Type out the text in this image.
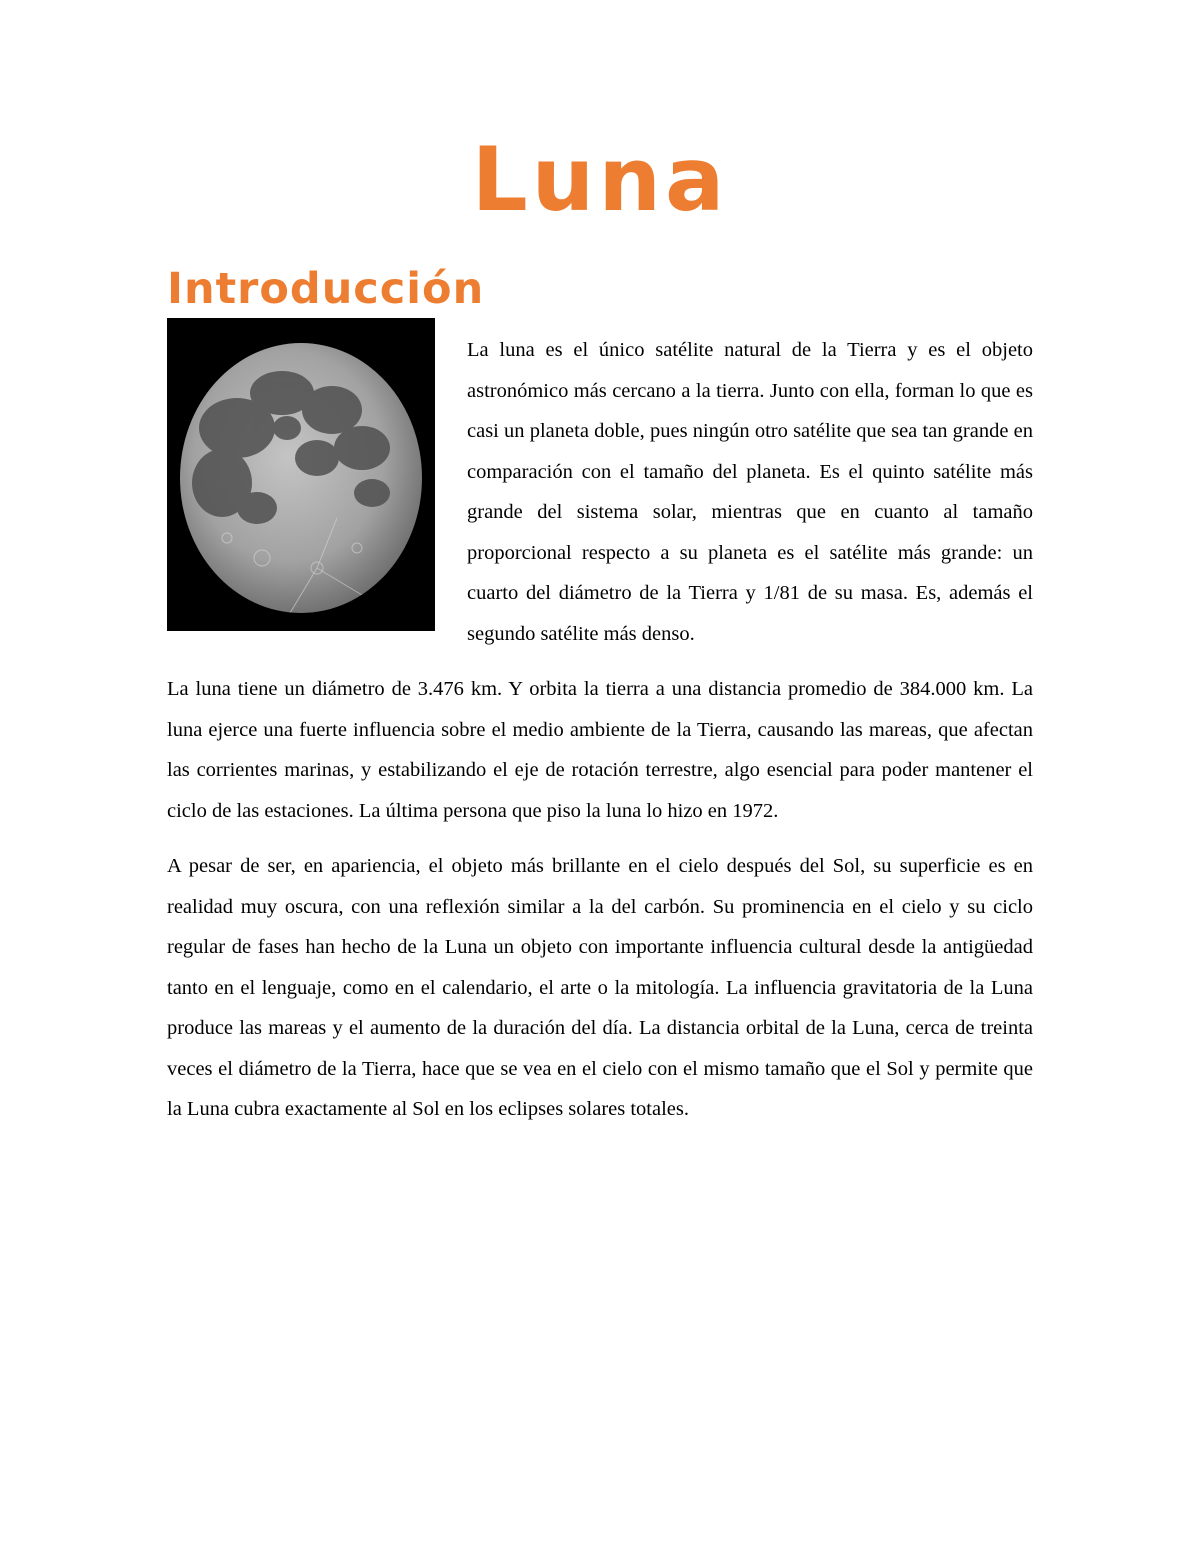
Luna
Introducción

La luna es el único satélite natural de la Tierra y es el objeto astronómico más cercano a la tierra. Junto con ella, forman lo que es casi un planeta doble, pues ningún otro satélite que sea tan grande en comparación con el tamaño del planeta. Es el quinto satélite más grande del sistema solar, mientras que en cuanto al tamaño proporcional respecto a su planeta es el satélite más grande: un cuarto del diámetro de la Tierra y 1/81 de su masa. Es, además el segundo satélite más denso.

La luna tiene un diámetro de 3.476 km. Y orbita la tierra a una distancia promedio de 384.000 km. La luna ejerce una fuerte influencia sobre el medio ambiente de la Tierra, causando las mareas, que afectan las corrientes marinas, y estabilizando el eje de rotación terrestre, algo esencial para poder mantener el ciclo de las estaciones. La última persona que piso la luna lo hizo en 1972.

A pesar de ser, en apariencia, el objeto más brillante en el cielo después del Sol, su superficie es en realidad muy oscura, con una reflexión similar a la del carbón. Su prominencia en el cielo y su ciclo regular de fases han hecho de la Luna un objeto con importante influencia cultural desde la antigüedad tanto en el lenguaje, como en el calendario, el arte o la mitología. La influencia gravitatoria de la Luna produce las mareas y el aumento de la duración del día. La distancia orbital de la Luna, cerca de treinta veces el diámetro de la Tierra, hace que se vea en el cielo con el mismo tamaño que el Sol y permite que la Luna cubra exactamente al Sol en los eclipses solares totales.
